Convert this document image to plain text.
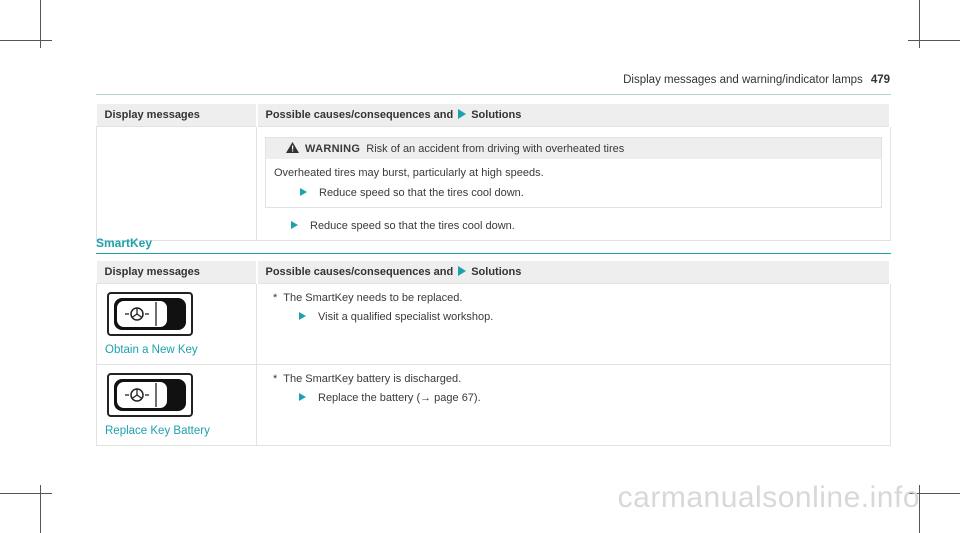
Display messages and warning/indicator lamps 479
Display messages	Possible causes/consequences and Solutions

	WARNING Risk of an accident from driving with overheated tires

Overheated tires may burst, particularly at high speeds.

Reduce speed so that the tires cool down.
Reduce speed so that the tires cool down.
SmartKey
Display messages	Possible causes/consequences and Solutions

Obtain a New Key	* The SmartKey needs to be replaced.
Visit a qualified specialist workshop.

Replace Key Battery	* The SmartKey battery is discharged.
Replace the battery (→ page 67).
carmanualsonline.info
